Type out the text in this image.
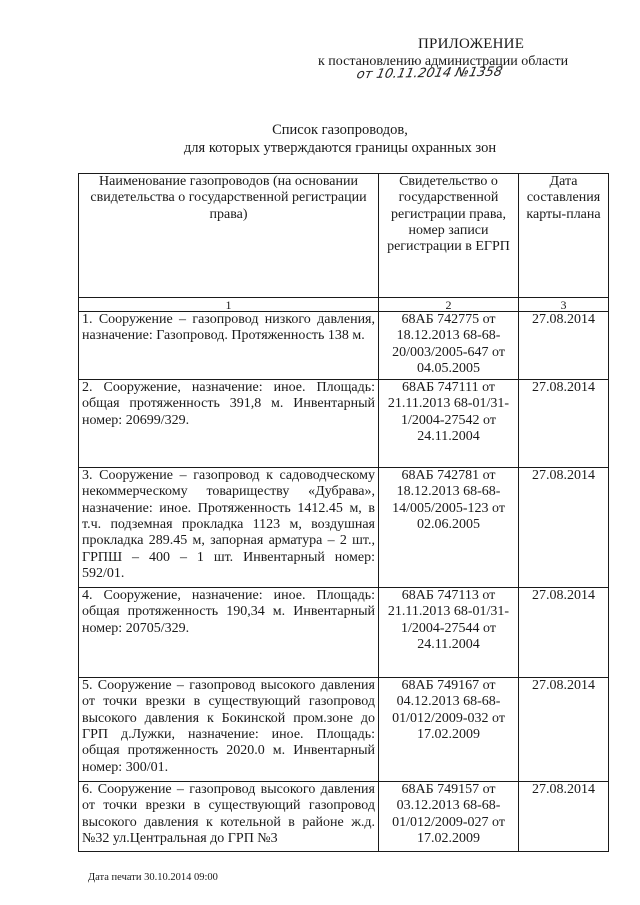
ПРИЛОЖЕНИЕ
к постановлению администрации области
от 10.11.2014 №1358
Список газопроводов,
для которых утверждаются границы охранных зон
Наименование газопроводов (на основании свидетельства о государственной регистрации права)	Свидетельство о государственной регистрации права, номер записи регистрации в ЕГРП	Дата составления карты-плана
1	2	3
1. Сооружение – газопровод низкого давления, назначение: Газопровод. Протяженность 138 м.	68АБ 742775 от 18.12.2013 68-68-20/003/2005-647 от 04.05.2005	27.08.2014
2. Сооружение, назначение: иное. Площадь: общая протяженность 391,8 м. Инвентарный номер: 20699/329.	68АБ 747111 от 21.11.2013 68-01/31-1/2004-27542 от 24.11.2004	27.08.2014
3. Сооружение – газопровод к садоводческому некоммерческому товариществу «Дубрава», назначение: иное. Протяженность 1412.45 м, в т.ч. подземная прокладка 1123 м, воздушная прокладка 289.45 м, запорная арматура – 2 шт., ГРПШ – 400 – 1 шт. Инвентарный номер: 592/01.	68АБ 742781 от 18.12.2013 68-68-14/005/2005-123 от 02.06.2005	27.08.2014
4. Сооружение, назначение: иное. Площадь: общая протяженность 190,34 м. Инвентарный номер: 20705/329.	68АБ 747113 от 21.11.2013 68-01/31-1/2004-27544 от 24.11.2004	27.08.2014
5. Сооружение – газопровод высокого давления от точки врезки в существующий газопровод высокого давления к Бокинской пром.зоне до ГРП д.Лужки, назначение: иное. Площадь: общая протяженность 2020.0 м. Инвентарный номер: 300/01.	68АБ 749167 от 04.12.2013 68-68-01/012/2009-032 от 17.02.2009	27.08.2014
6. Сооружение – газопровод высокого давления от точки врезки в существующий газопровод высокого давления к котельной в районе ж.д. №32 ул.Центральная до ГРП №3	68АБ 749157 от 03.12.2013 68-68-01/012/2009-027 от 17.02.2009	27.08.2014
Дата печати 30.10.2014 09:00
